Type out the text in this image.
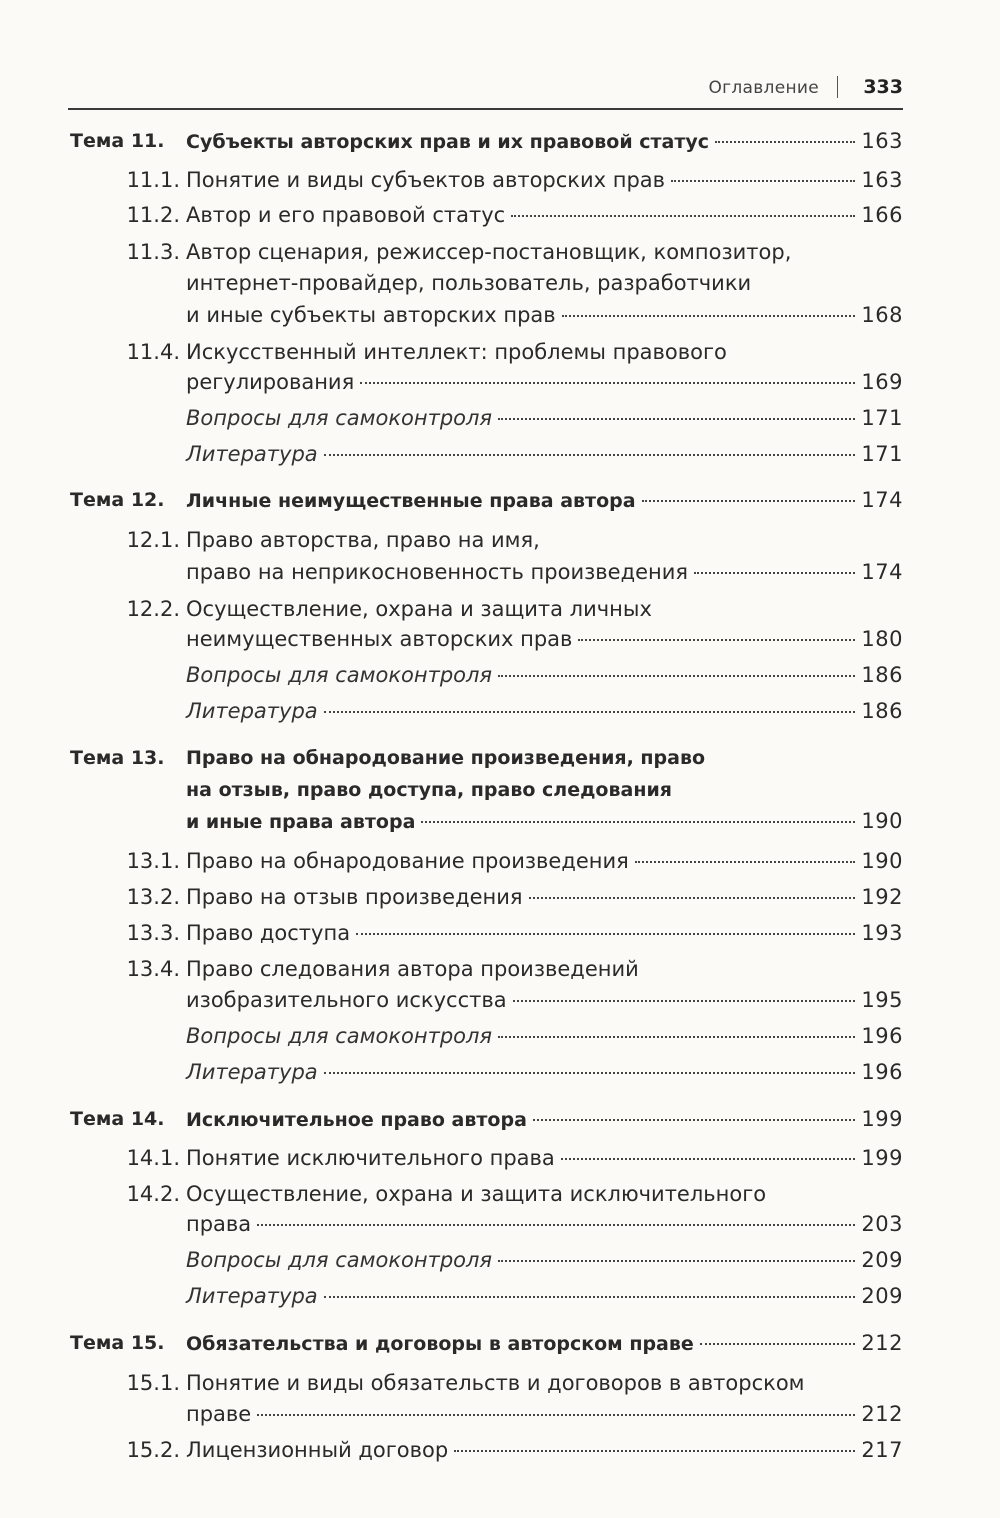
Оглавление 333
Тема 11. Субъекты авторских прав и их правовой статус	163
11.1. Понятие и виды субъектов авторских прав	163
11.2. Автор и его правовой статус	166
11.3. Автор сценария, режиссер-постановщик, композитор,
интернет-провайдер, пользователь, разработчики
и иные субъекты авторских прав	168
11.4. Искусственный интеллект: проблемы правового
регулирования	169
Вопросы для самоконтроля	171
Литература	171
Тема 12. Личные неимущественные права автора	174
12.1. Право авторства, право на имя,
право на неприкосновенность произведения	174
12.2. Осуществление, охрана и защита личных
неимущественных авторских прав	180
Вопросы для самоконтроля	186
Литература	186
Тема 13. Право на обнародование произведения, право
на отзыв, право доступа, право следования
и иные права автора	190
13.1. Право на обнародование произведения	190
13.2. Право на отзыв произведения	192
13.3. Право доступа	193
13.4. Право следования автора произведений
изобразительного искусства	195
Вопросы для самоконтроля	196
Литература	196
Тема 14. Исключительное право автора	199
14.1. Понятие исключительного права	199
14.2. Осуществление, охрана и защита исключительного
права	203
Вопросы для самоконтроля	209
Литература	209
Тема 15. Обязательства и договоры в авторском праве	212
15.1. Понятие и виды обязательств и договоров в авторском
праве	212
15.2. Лицензионный договор	217
